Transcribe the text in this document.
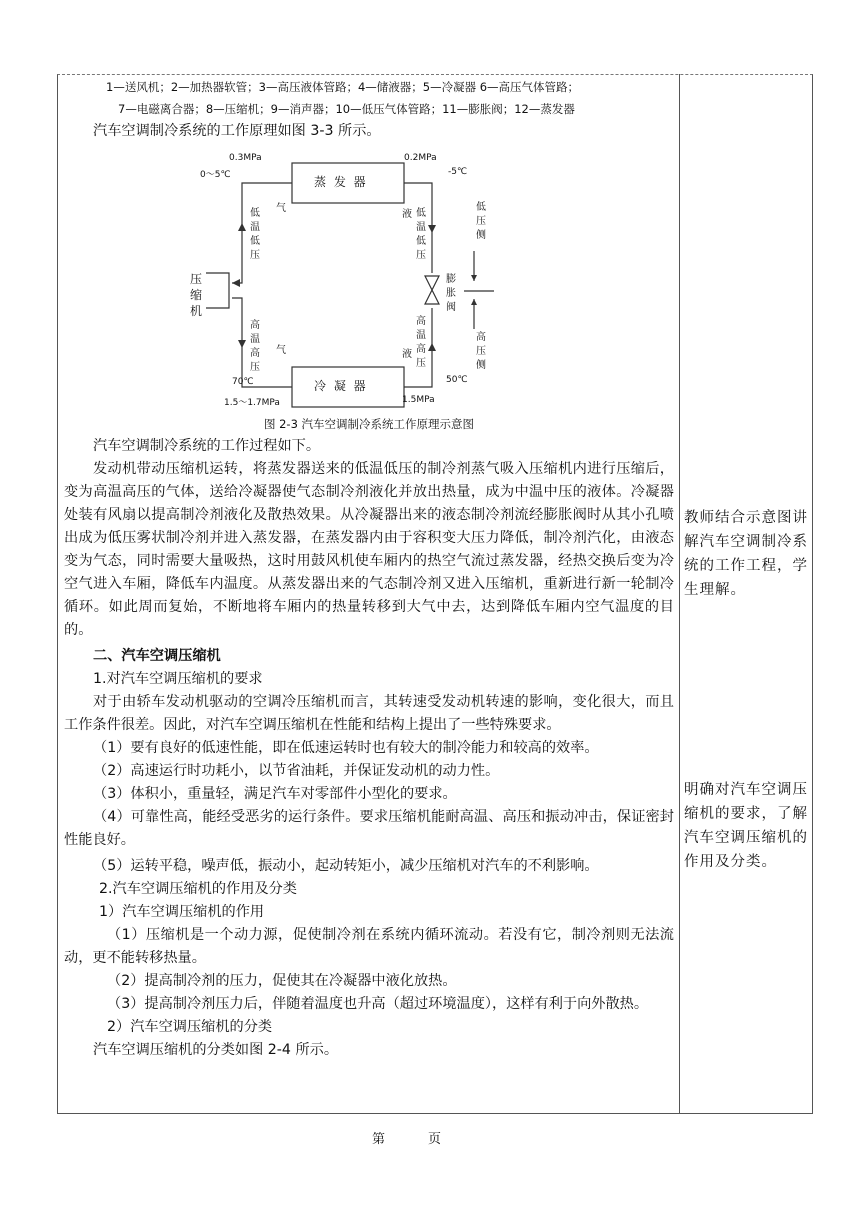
1—送风机；2—加热器软管；3—高压液体管路；4—储液器；5—冷凝器 6—高压气体管路；
7—电磁离合器；8—压缩机；9—消声器；10—低压气体管路；11—膨胀阀；12—蒸发器

汽车空调制冷系统的工作原理如图 3-3 所示。

蒸 发 器
冷 凝 器
压
缩
机
0.3MPa	0.2MPa
0～5℃	-5℃
70℃
1.5～1.7MPa
50℃
1.5MPa
低
温
低
压
气
高
温
高
压
气
液 低
温
低
压
液
高
温
高
压
膨
胀
阀
低
压
侧
高
压
侧
图 2-3 汽车空调制冷系统工作原理示意图

汽车空调制冷系统的工作过程如下。

发动机带动压缩机运转，将蒸发器送来的低温低压的制冷剂蒸气吸入压缩机内进行压缩后，变为高温高压的气体，送给冷凝器使气态制冷剂液化并放出热量，成为中温中压的液体。冷凝器处装有风扇以提高制冷剂液化及散热效果。从冷凝器出来的液态制冷剂流经膨胀阀时从其小孔喷出成为低压雾状制冷剂并进入蒸发器，在蒸发器内由于容积变大压力降低，制冷剂汽化，由液态变为气态，同时需要大量吸热，这时用鼓风机使车厢内的热空气流过蒸发器，经热交换后变为冷空气进入车厢，降低车内温度。从蒸发器出来的气态制冷剂又进入压缩机，重新进行新一轮制冷循环。如此周而复始，不断地将车厢内的热量转移到大气中去，达到降低车厢内空气温度的目的。

二、汽车空调压缩机

1.对汽车空调压缩机的要求

对于由轿车发动机驱动的空调冷压缩机而言，其转速受发动机转速的影响，变化很大，而且工作条件很差。因此，对汽车空调压缩机在性能和结构上提出了一些特殊要求。

（1）要有良好的低速性能，即在低速运转时也有较大的制冷能力和较高的效率。

（2）高速运行时功耗小，以节省油耗，并保证发动机的动力性。

（3）体积小，重量轻，满足汽车对零部件小型化的要求。

（4）可靠性高，能经受恶劣的运行条件。要求压缩机能耐高温、高压和振动冲击，保证密封性能良好。

（5）运转平稳，噪声低，振动小，起动转矩小，减少压缩机对汽车的不利影响。

2.汽车空调压缩机的作用及分类

1）汽车空调压缩机的作用

（1）压缩机是一个动力源，促使制冷剂在系统内循环流动。若没有它，制冷剂则无法流动，更不能转移热量。

（2）提高制冷剂的压力，促使其在冷凝器中液化放热。

（3）提高制冷剂压力后，伴随着温度也升高（超过环境温度），这样有利于向外散热。

2）汽车空调压缩机的分类

汽车空调压缩机的分类如图 2-4 所示。

教师结合示意图讲解汽车空调制冷系统的工作工程，学生理解。
明确对汽车空调压缩机的要求，了解汽车空调压缩机的作用及分类。
第	页
